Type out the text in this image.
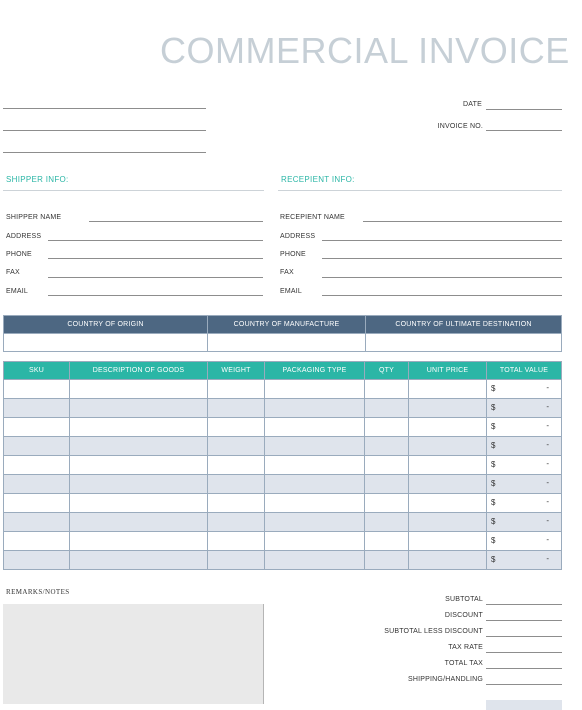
COMMERCIAL INVOICE
DATE
INVOICE NO.
SHIPPER INFO:
SHIPPER NAME
ADDRESS
PHONE
FAX
EMAIL
RECEPIENT INFO:
RECEPIENT NAME
ADDRESS
PHONE
FAX
EMAIL
COUNTRY OF ORIGIN	COUNTRY OF MANUFACTURE	COUNTRY OF ULTIMATE DESTINATION

SKU	DESCRIPTION OF GOODS	WEIGHT	PACKAGING TYPE	QTY	UNIT PRICE	TOTAL VALUE

						$ -

						$ -

						$ -

						$ -

						$ -

						$ -

						$ -

						$ -

						$ -

						$ -
REMARKS/NOTES
SUBTOTAL
DISCOUNT
SUBTOTAL LESS DISCOUNT
TAX RATE
TOTAL TAX
SHIPPING/HANDLING
